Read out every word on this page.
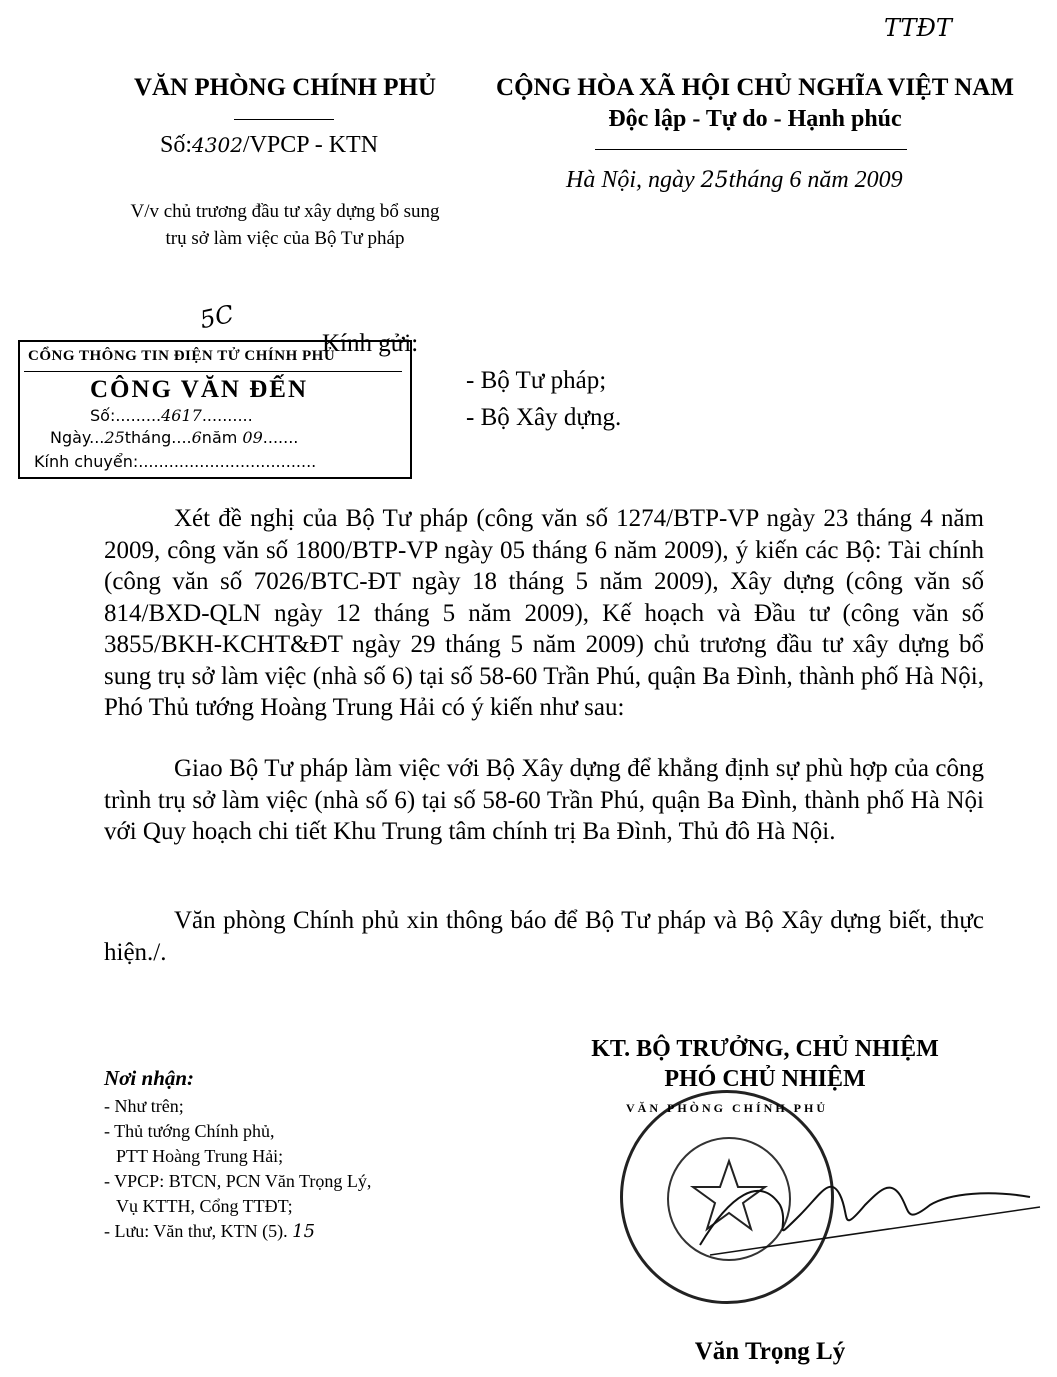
TTĐT
VĂN PHÒNG CHÍNH PHỦ
Số:4302/VPCP - KTN
V/v chủ trương đầu tư xây dựng bổ sung
trụ sở làm việc của Bộ Tư pháp
CỘNG HÒA XÃ HỘI CHỦ NGHĨA VIỆT NAM
Độc lập - Tự do - Hạnh phúc
Hà Nội, ngày 25tháng 6 năm 2009
5C
CỔNG THÔNG TIN ĐIỆN TỬ CHÍNH PHỦ
CÔNG VĂN ĐẾN
Số:.........4617..........
Ngày...25tháng....6năm 09.......
Kính chuyển:...................................
Kính gửi:
- Bộ Tư pháp;
- Bộ Xây dựng.

Xét đề nghị của Bộ Tư pháp (công văn số 1274/BTP-VP ngày 23 tháng 4 năm 2009, công văn số 1800/BTP-VP ngày 05 tháng 6 năm 2009), ý kiến các Bộ: Tài chính (công văn số 7026/BTC-ĐT ngày 18 tháng 5 năm 2009), Xây dựng (công văn số 814/BXD-QLN ngày 12 tháng 5 năm 2009), Kế hoạch và Đầu tư (công văn số 3855/BKH-KCHT&ĐT ngày 29 tháng 5 năm 2009) chủ trương đầu tư xây dựng bổ sung trụ sở làm việc (nhà số 6) tại số 58-60 Trần Phú, quận Ba Đình, thành phố Hà Nội, Phó Thủ tướng Hoàng Trung Hải có ý kiến như sau:

Giao Bộ Tư pháp làm việc với Bộ Xây dựng để khẳng định sự phù hợp của công trình trụ sở làm việc (nhà số 6) tại số 58-60 Trần Phú, quận Ba Đình, thành phố Hà Nội với Quy hoạch chi tiết Khu Trung tâm chính trị Ba Đình, Thủ đô Hà Nội.

Văn phòng Chính phủ xin thông báo để Bộ Tư pháp và Bộ Xây dựng biết, thực hiện./.

Nơi nhận:
- Như trên;
- Thủ tướng Chính phủ,
PTT Hoàng Trung Hải;
- VPCP: BTCN, PCN Văn Trọng Lý,
Vụ KTTH, Cổng TTĐT;
- Lưu: Văn thư, KTN (5). 15
KT. BỘ TRƯỞNG, CHỦ NHIỆM
PHÓ CHỦ NHIỆM
VĂN PHÒNG CHÍNH PHỦ
Văn Trọng Lý
